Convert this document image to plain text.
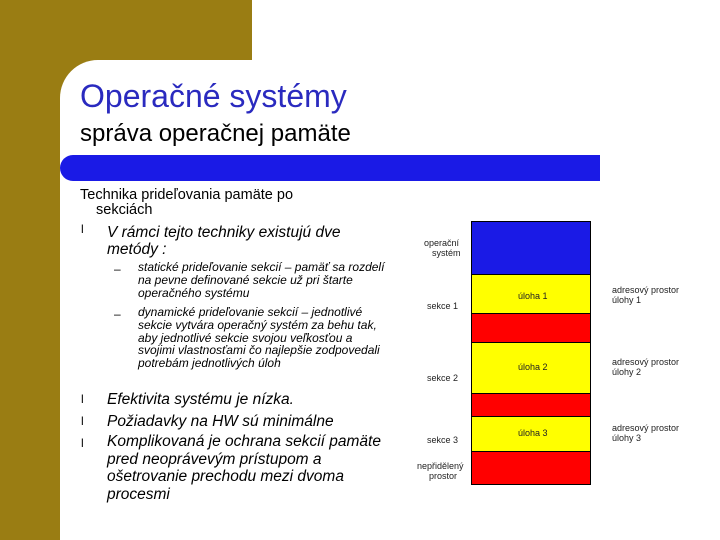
Operačné systémy
správa operačnej pamäte
Technika prideľovania pamäte po
sekciách
l V rámci tejto techniky existujú dve metódy :
– statické prideľovanie sekcií – pamäť sa rozdelí na pevne definované sekcie už pri štarte operačného systému
– dynamické prideľovanie sekcií – jednotlivé sekcie vytvára operačný systém za behu tak, aby jednotlivé sekcie svojou veľkosťou a svojimi vlastnosťami čo najlepšie zodpovedali potrebám jednotlivých úloh
l Efektivita systému je nízka.
l Požiadavky na HW sú minimálne
l Komplikovaná je ochrana sekcií pamäte pred neoprávevým prístupom a ošetrovanie prechodu mezi dvoma procesmi
operační
systém
sekce 1
sekce 2
sekce 3
nepřidělený
prostor
úloha 1
úloha 2
úloha 3
adresový prostor
úlohy 1
adresový prostor
úlohy 2
adresový prostor
úlohy 3
